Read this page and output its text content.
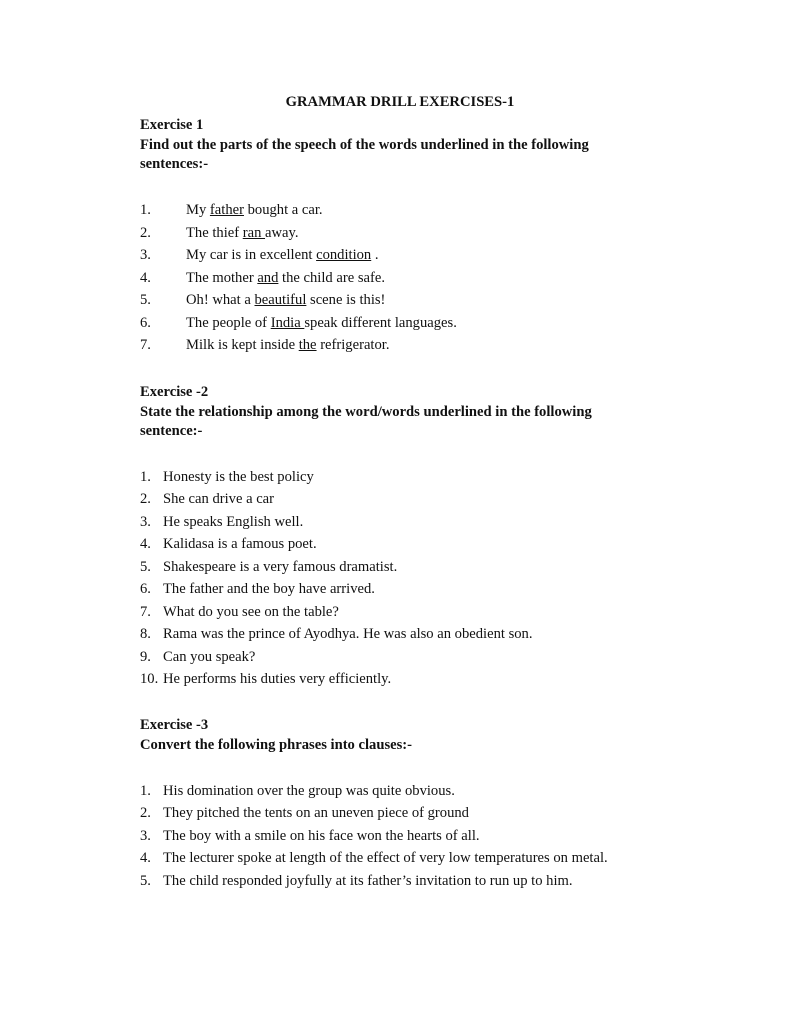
GRAMMAR DRILL EXERCISES-1
Exercise 1
Find out the parts of the speech of the words underlined in the following sentences:-
1.	My father bought a car.
2.	The thief ran away.
3.	My car is in excellent condition .
4.	The mother and the child are safe.
5.	Oh! what a beautiful scene is this!
6.	The people of India speak different languages.
7.	Milk is kept inside the refrigerator.
Exercise -2
State the relationship among the word/words underlined in the following sentence:-
1. Honesty is the best policy
2. She can drive a car
3. He speaks English well.
4. Kalidasa is a famous poet.
5. Shakespeare is a very famous dramatist.
6. The father and the boy have arrived.
7. What do you see on the table?
8. Rama was the prince of Ayodhya. He was also an obedient son.
9. Can you speak?
10. He performs his duties very efficiently.
Exercise -3
Convert the following phrases into clauses:-
1. His domination over the group was quite obvious.
2. They pitched the tents on an uneven piece of ground
3. The boy with a smile on his face won the hearts of all.
4. The lecturer spoke at length of the effect of very low temperatures on metal.
5. The child responded joyfully at its father’s invitation to run up to him.
